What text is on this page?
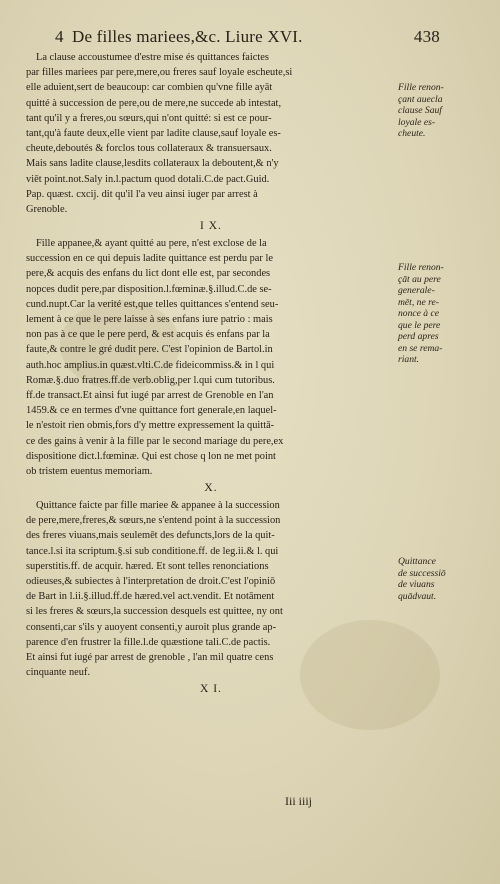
4 De filles mariees,&c. Liure XVI.	438
La clause accoustumee d'estre mise és quittances faictes
par filles mariees par pere,mere,ou freres sauf loyale escheute,si
elle aduient,sert de beaucoup: car combien qu'vne fille ayāt
quitté à succession de pere,ou de mere,ne succede ab intestat,
tant qu'il y a freres,ou sœurs,qui n'ont quitté: si est ce pour-
tant,qu'à faute deux,elle vient par ladite clause,sauf loyale es-
cheute,deboutés & forclos tous collateraux & transuersaux.
Mais sans ladite clause,lesdits collateraux la deboutent,& n'y
viēt point.not.Saly in.l.pactum quod dotali.C.de pact.Guid.
Pap. quæst. cxcij. dit qu'il l'a veu ainsi iuger par arrest à
Grenoble.
I X.
Fille appanee,& ayant quitté au pere, n'est exclose de la
succession en ce qui depuis ladite quittance est perdu par le
pere,& acquis des enfans du lict dont elle est, par secondes
nopces dudit pere,par disposition.l.fœminæ.§.illud.C.de se-
cund.nupt.Car la verité est,que telles quittances s'entend seu-
lement à ce que le pere laisse à ses enfans iure patrio : mais
non pas à ce que le pere perd, & est acquis és enfans par la
faute,& contre le gré dudit pere. C'est l'opinion de Bartol.in
auth.hoc amplius.in quæst.vlti.C.de fideicommiss.& in l qui
Romæ.§.duo fratres.ff.de verb.oblig,per l.qui cum tutoribus.
ff.de transact.Et ainsi fut iugé par arrest de Grenoble en l'an
1459.& ce en termes d'vne quittance fort generale,en laquel-
le n'estoit rien obmis,fors d'y mettre expressement la quittā-
ce des gains à venir à la fille par le second mariage du pere,ex
dispositione dict.l.fœminæ. Qui est chose q lon ne met point
ob tristem euentus memoriam.
X.
Quittance faicte par fille mariee & appanee à la succession
de pere,mere,freres,& sœurs,ne s'entend point à la succession
des freres viuans,mais seulemēt des defuncts,lors de la quit-
tance.l.si ita scriptum.§.si sub conditione.ff. de leg.ii.& l. qui
superstitis.ff. de acquir. hæred. Et sont telles renonciations
odieuses,& subiectes à l'interpretation de droit.C'est l'opiniō
de Bart in l.ii.§.illud.ff.de hæred.vel act.vendit. Et notāment
si les freres & sœurs,la succession desquels est quittee, ny ont
consenti,car s'ils y auoyent consenti,y auroit plus grande ap-
parence d'en frustrer la fille.l.de quæstione tali.C.de pactis.
Et ainsi fut iugé par arrest de grenoble , l'an mil quatre cens
cinquante neuf.
X I.
Fille renon-
çant auecla
clause Sauf
loyale es-
cheute.
Fille renon-
çāt au pere
generale-
mēt, ne re-
nonce à ce
que le pere
perd apres
en se rema-
riant.
Quittance
de successiō
de viuans
quādvaut.
Iii iiij
